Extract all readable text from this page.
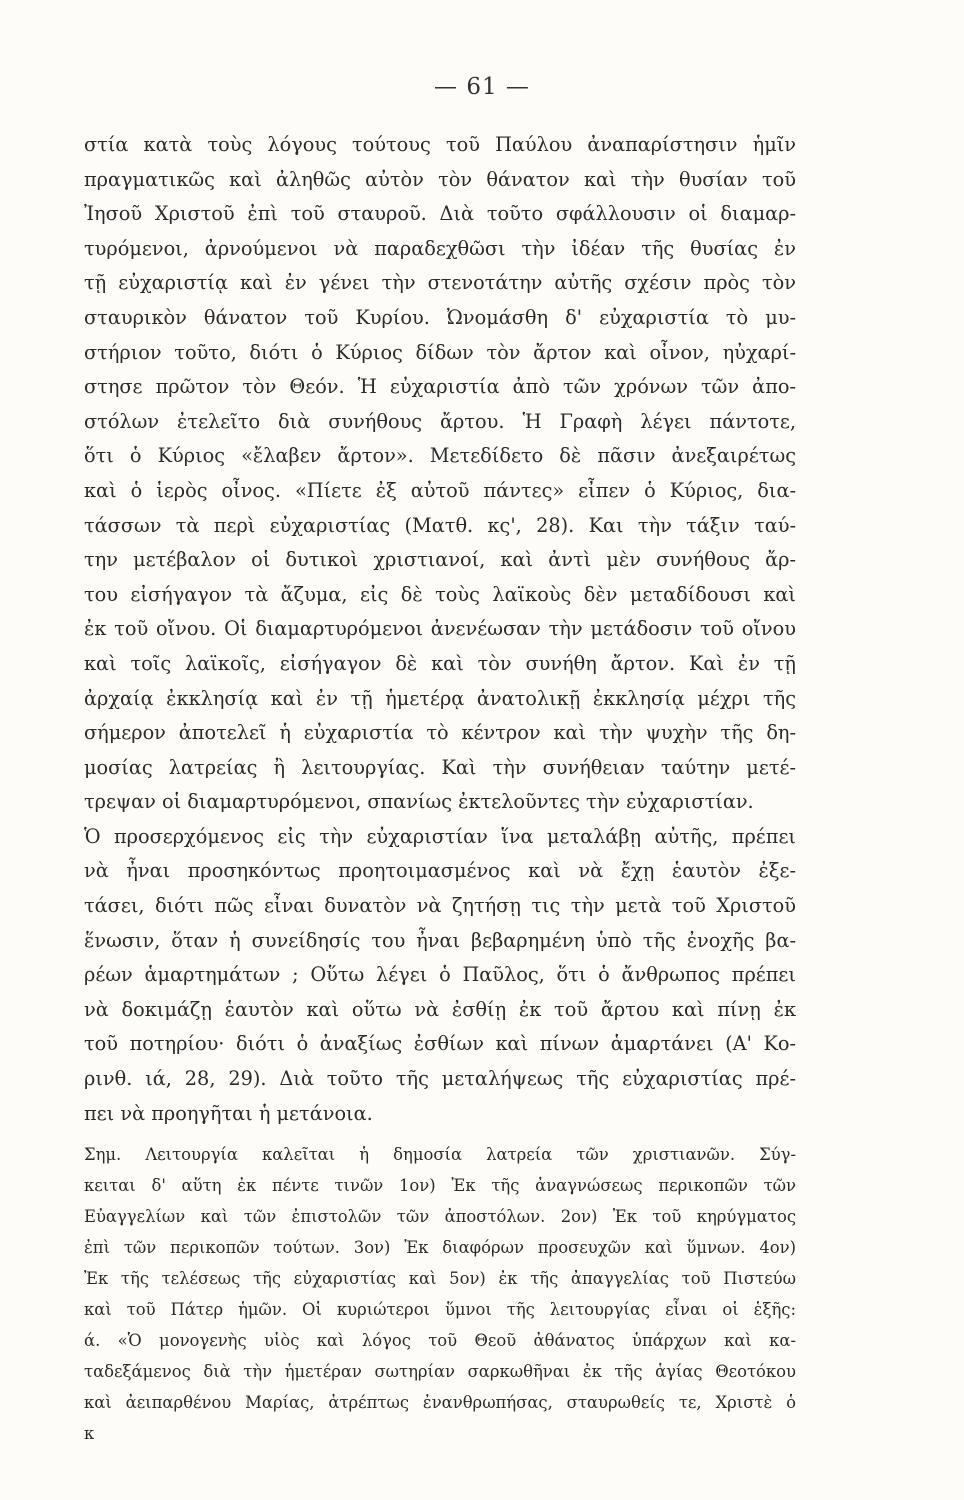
— 61 —
στία κατὰ τοὺς λόγους τούτους τοῦ Παύλου ἀναπαρίστησιν ἡμῖν
πραγματικῶς καὶ ἀληθῶς αὐτὸν τὸν θάνατον καὶ τὴν θυσίαν τοῦ
Ἰησοῦ Χριστοῦ ἐπὶ τοῦ σταυροῦ. Διὰ τοῦτο σφάλλουσιν οἱ διαμαρ-
τυρόμενοι, ἀρνούμενοι νὰ παραδεχθῶσι τὴν ἰδέαν τῆς θυσίας ἐν
τῇ εὐχαριστίᾳ καὶ ἐν γένει τὴν στενοτάτην αὐτῆς σχέσιν πρὸς τὸν
σταυρικὸν θάνατον τοῦ Κυρίου. Ὠνομάσθη δ' εὐχαριστία τὸ μυ-
στήριον τοῦτο, διότι ὁ Κύριος δίδων τὸν ἄρτον καὶ οἶνον, ηὐχαρί-
στησε πρῶτον τὸν Θεόν. Ἡ εὐχαριστία ἀπὸ τῶν χρόνων τῶν ἀπο-
στόλων ἐτελεῖτο διὰ συνήθους ἄρτου. Ἡ Γραφὴ λέγει πάντοτε,
ὅτι ὁ Κύριος «ἔλαβεν ἄρτον». Μετεδίδετο δὲ πᾶσιν ἀνεξαιρέτως
καὶ ὁ ἱερὸς οἶνος. «Πίετε ἐξ αὐτοῦ πάντες» εἶπεν ὁ Κύριος, δια-
τάσσων τὰ περὶ εὐχαριστίας (Ματθ. κς', 28). Και τὴν τάξιν ταύ-
την μετέβαλον οἱ δυτικοὶ χριστιανοί, καὶ ἀντὶ μὲν συνήθους ἄρ-
του εἰσήγαγον τὰ ἄζυμα, εἰς δὲ τοὺς λαϊκοὺς δὲν μεταδίδουσι καὶ
ἐκ τοῦ οἴνου. Οἱ διαμαρτυρόμενοι ἀνενέωσαν τὴν μετάδοσιν τοῦ οἴνου
καὶ τοῖς λαϊκοῖς, εἰσήγαγον δὲ καὶ τὸν συνήθη ἄρτον. Καὶ ἐν τῇ
ἀρχαίᾳ ἐκκλησίᾳ καὶ ἐν τῇ ἡμετέρᾳ ἀνατολικῇ ἐκκλησίᾳ μέχρι τῆς
σήμερον ἀποτελεῖ ἡ εὐχαριστία τὸ κέντρον καὶ τὴν ψυχὴν τῆς δη-
μοσίας λατρείας ἢ λειτουργίας. Καὶ τὴν συνήθειαν ταύτην μετέ-
τρεψαν οἱ διαμαρτυρόμενοι, σπανίως ἐκτελοῦντες τὴν εὐχαριστίαν.
Ὁ προσερχόμενος εἰς τὴν εὐχαριστίαν ἵνα μεταλάβῃ αὐτῆς, πρέπει
νὰ ἦναι προσηκόντως προητοιμασμένος καὶ νὰ ἔχῃ ἑαυτὸν ἐξε-
τάσει, διότι πῶς εἶναι δυνατὸν νὰ ζητήσῃ τις τὴν μετὰ τοῦ Χριστοῦ
ἕνωσιν, ὅταν ἡ συνείδησίς του ἦναι βεβαρημένη ὑπὸ τῆς ἐνοχῆς βα-
ρέων ἁμαρτημάτων ; Οὕτω λέγει ὁ Παῦλος, ὅτι ὁ ἄνθρωπος πρέπει
νὰ δοκιμάζῃ ἑαυτὸν καὶ οὕτω νὰ ἐσθίῃ ἐκ τοῦ ἄρτου καὶ πίνῃ ἐκ
τοῦ ποτηρίου· διότι ὁ ἀναξίως ἐσθίων καὶ πίνων ἁμαρτάνει (Α' Κο-
ρινθ. ιά, 28, 29). Διὰ τοῦτο τῆς μεταλήψεως τῆς εὐχαριστίας πρέ-
πει νὰ προηγῆται ἡ μετάνοια.
Σημ. Λειτουργία καλεῖται ἡ δημοσία λατρεία τῶν χριστιανῶν. Σύγ-
κειται δ' αὕτη ἐκ πέντε τινῶν 1ον) Ἐκ τῆς ἀναγνώσεως περικοπῶν τῶν
Εὐαγγελίων καὶ τῶν ἐπιστολῶν τῶν ἀποστόλων. 2ον) Ἐκ τοῦ κηρύγματος
ἐπὶ τῶν περικοπῶν τούτων. 3ον) Ἐκ διαφόρων προσευχῶν καὶ ὕμνων. 4ον)
Ἐκ τῆς τελέσεως τῆς εὐχαριστίας καὶ 5ον) ἐκ τῆς ἀπαγγελίας τοῦ Πιστεύω
καὶ τοῦ Πάτερ ἡμῶν. Οἱ κυριώτεροι ὕμνοι τῆς λειτουργίας εἶναι οἱ ἑξῆς:
ά. «Ὁ μονογενὴς υἱὸς καὶ λόγος τοῦ Θεοῦ ἀθάνατος ὑπάρχων καὶ κα-
ταδεξάμενος διὰ τὴν ἡμετέραν σωτηρίαν σαρκωθῆναι ἐκ τῆς ἁγίας Θεοτόκου
καὶ ἀειπαρθένου Μαρίας, ἀτρέπτως ἐνανθρωπήσας, σταυρωθείς τε, Χριστὲ ὁ
κ
